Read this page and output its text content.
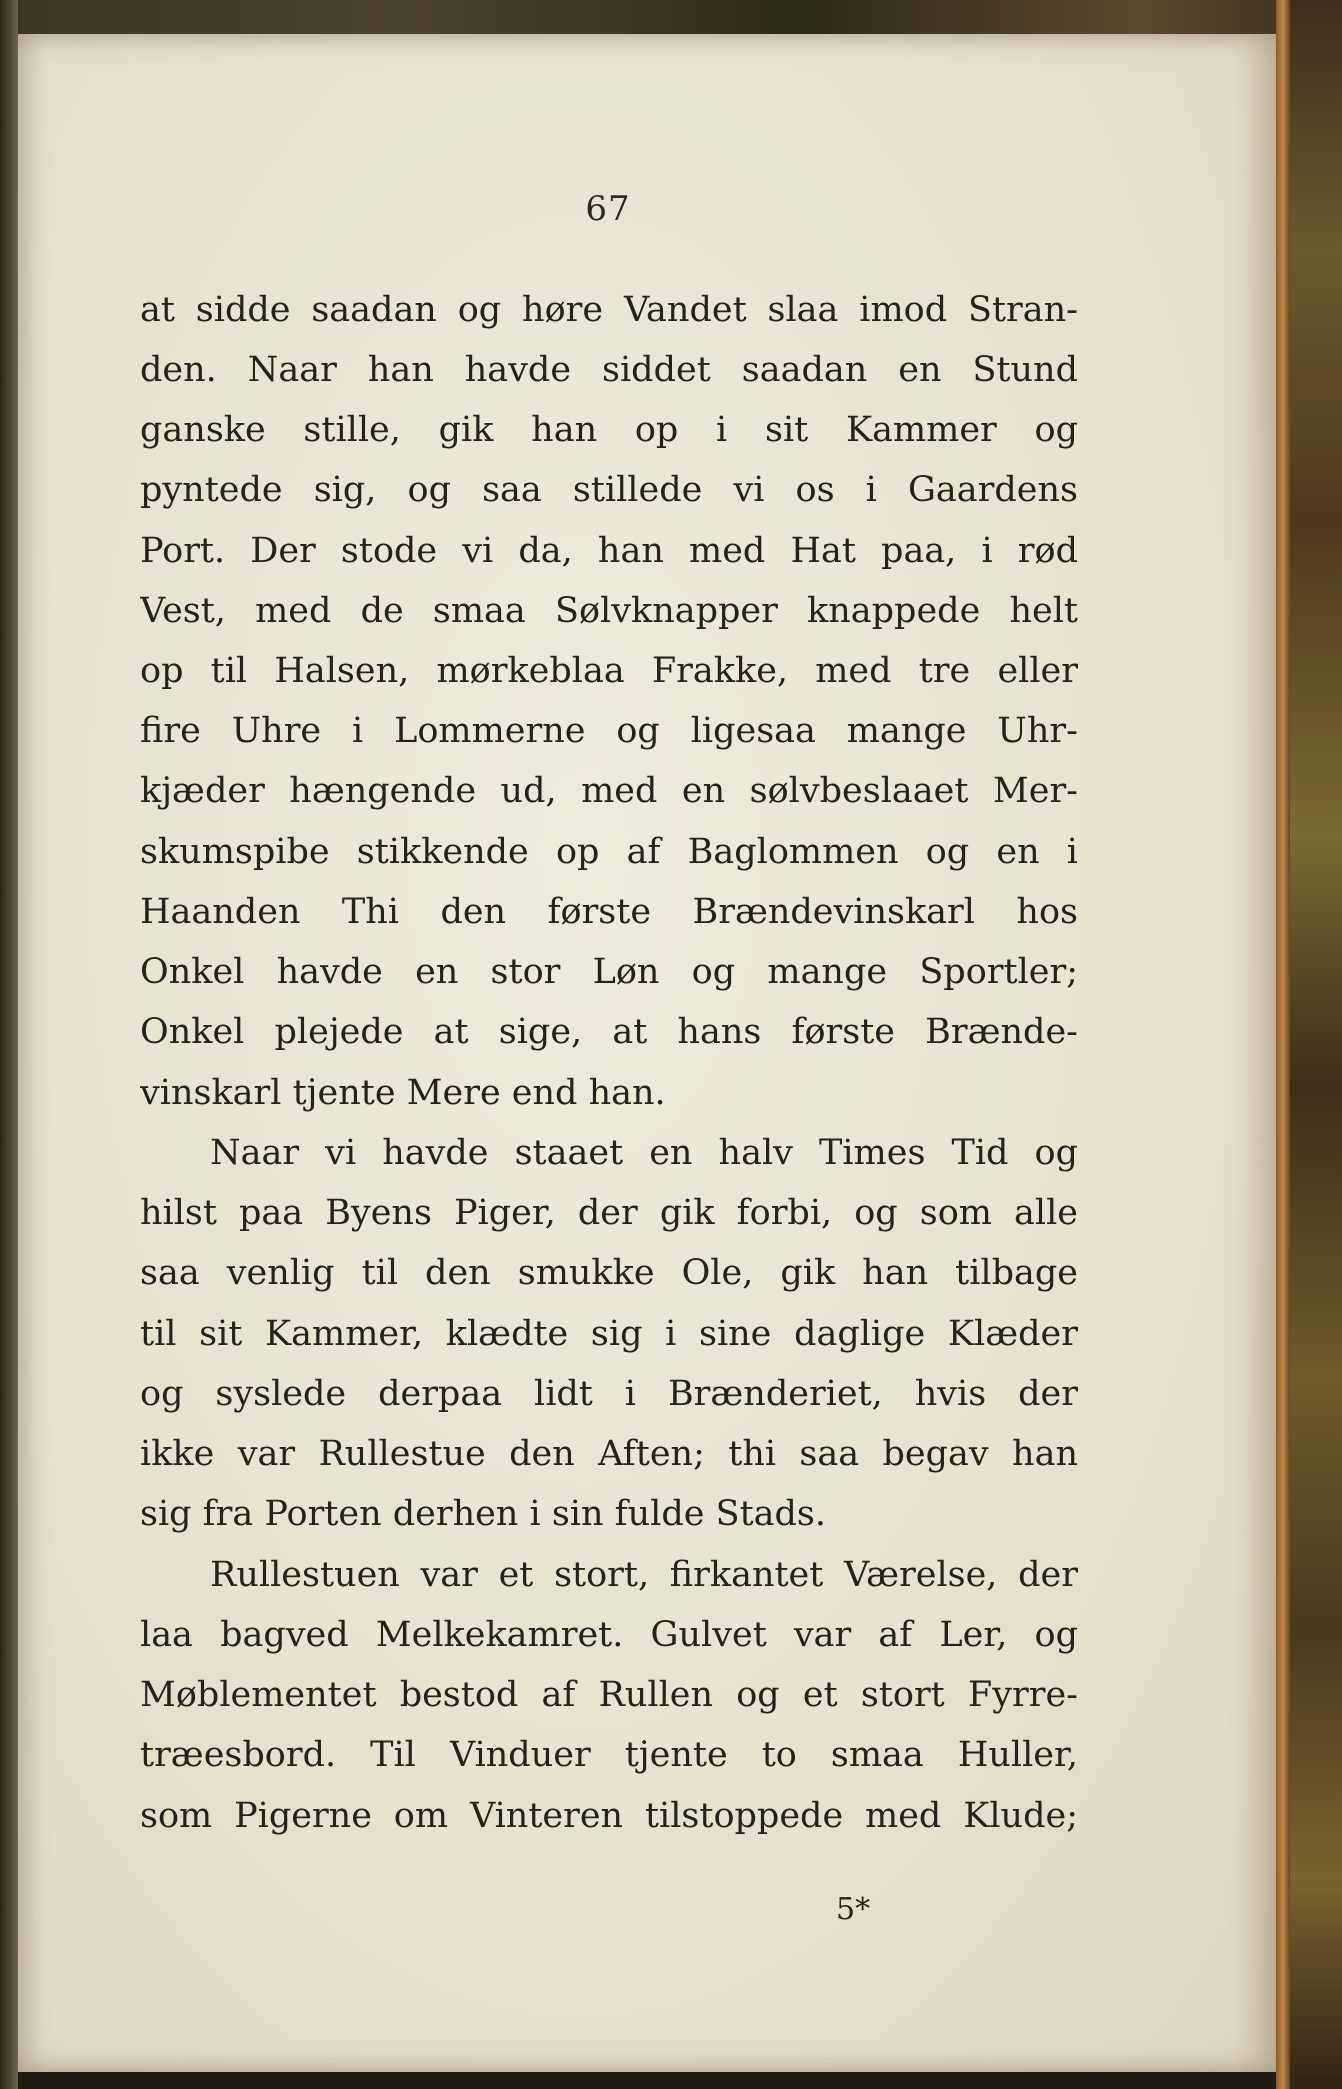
67
at sidde saadan og høre Vandet slaa imod Stran-
den. Naar han havde siddet saadan en Stund
ganske stille, gik han op i sit Kammer og
pyntede sig, og saa stillede vi os i Gaardens
Port. Der stode vi da, han med Hat paa, i rød
Vest, med de smaa Sølvknapper knappede helt
op til Halsen, mørkeblaa Frakke, med tre eller
fire Uhre i Lommerne og ligesaa mange Uhr-
kjæder hængende ud, med en sølvbeslaaet Mer-
skumspibe stikkende op af Baglommen og en i
Haanden Thi den første Brændevinskarl hos
Onkel havde en stor Løn og mange Sportler;
Onkel plejede at sige, at hans første Brænde-
vinskarl tjente Mere end han.
Naar vi havde staaet en halv Times Tid og
hilst paa Byens Piger, der gik forbi, og som alle
saa venlig til den smukke Ole, gik han tilbage
til sit Kammer, klædte sig i sine daglige Klæder
og syslede derpaa lidt i Brænderiet, hvis der
ikke var Rullestue den Aften; thi saa begav han
sig fra Porten derhen i sin fulde Stads.
Rullestuen var et stort, firkantet Værelse, der
laa bagved Melkekamret. Gulvet var af Ler, og
Møblementet bestod af Rullen og et stort Fyrre-
træesbord. Til Vinduer tjente to smaa Huller,
som Pigerne om Vinteren tilstoppede med Klude;
5*
